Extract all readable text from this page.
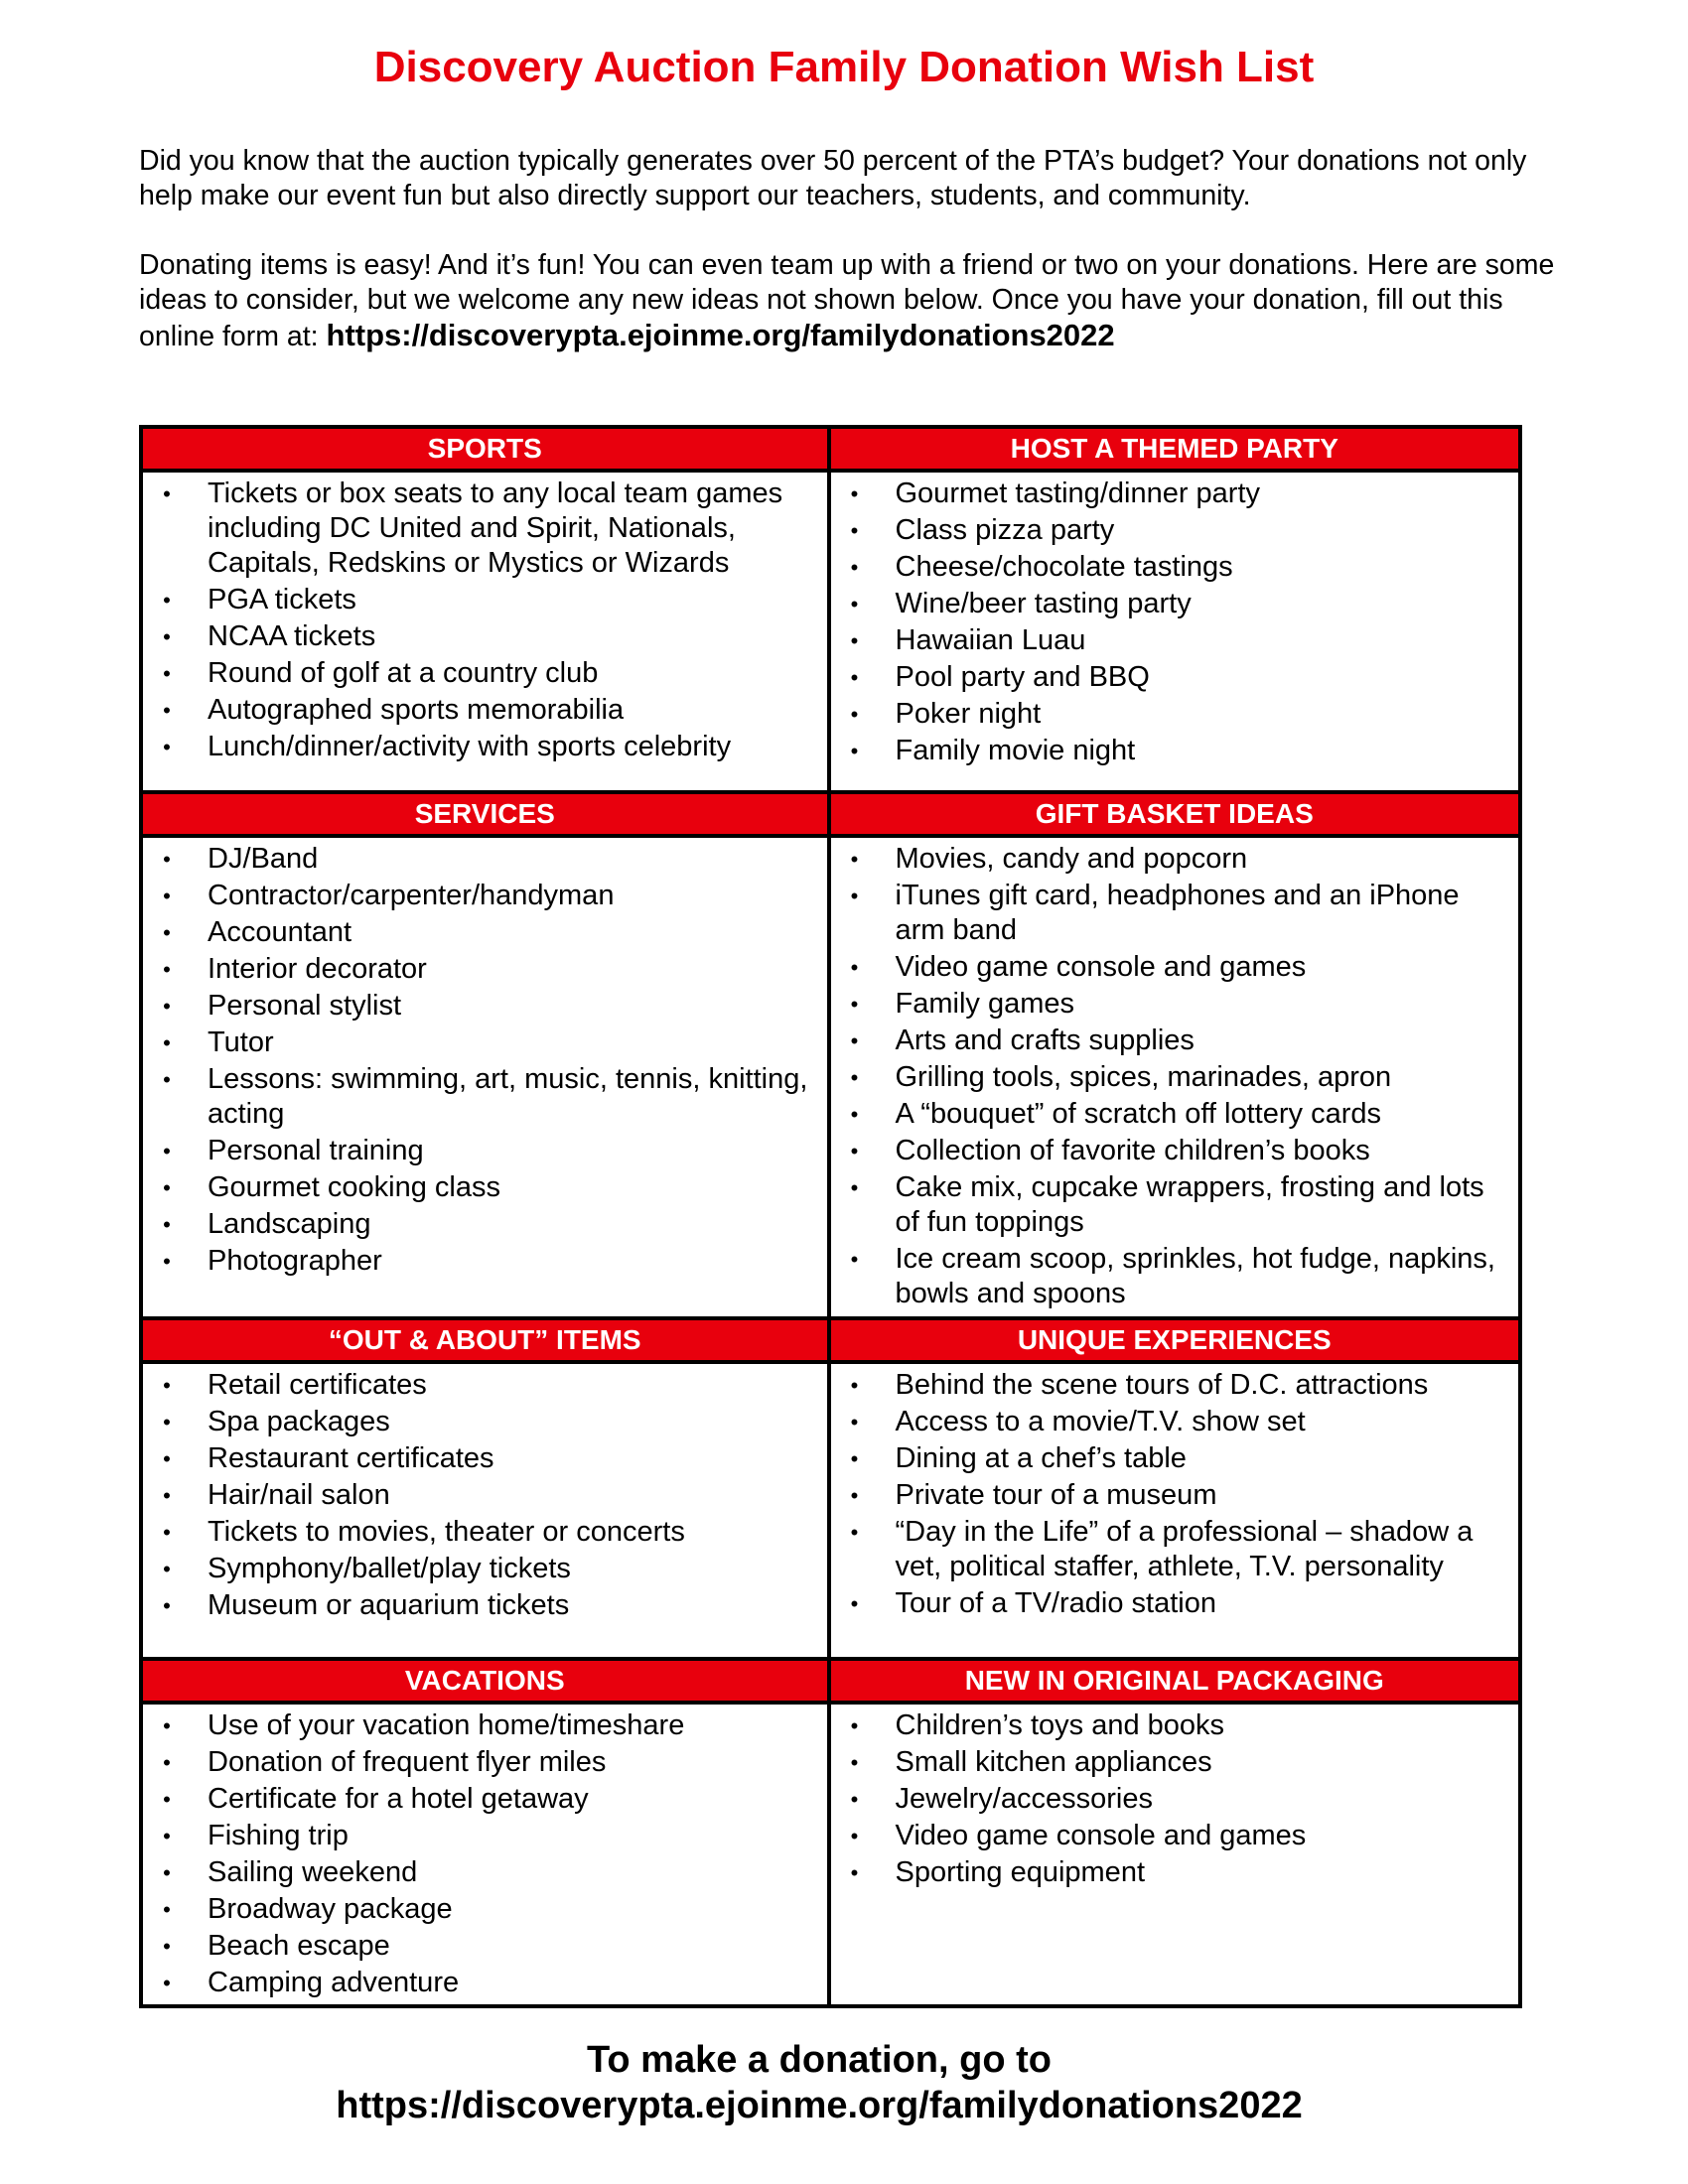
Discovery Auction Family Donation Wish List

Did you know that the auction typically generates over 50 percent of the PTA’s budget? Your donations not only help make our event fun but also directly support our teachers, students, and community.

Donating items is easy! And it’s fun! You can even team up with a friend or two on your donations. Here are some ideas to consider, but we welcome any new ideas not shown below. Once you have your donation, fill out this online form at: https://discoverypta.ejoinme.org/familydonations2022

SPORTS
• Tickets or box seats to any local team games including DC United and Spirit, Nationals, Capitals, Redskins or Mystics or Wizards
• PGA tickets
• NCAA tickets
• Round of golf at a country club
• Autographed sports memorabilia
• Lunch/dinner/activity with sports celebrity
HOST A THEMED PARTY
• Gourmet tasting/dinner party
• Class pizza party
• Cheese/chocolate tastings
• Wine/beer tasting party
• Hawaiian Luau
• Pool party and BBQ
• Poker night
• Family movie night
SERVICES
• DJ/Band
• Contractor/carpenter/handyman
• Accountant
• Interior decorator
• Personal stylist
• Tutor
• Lessons: swimming, art, music, tennis, knitting, acting
• Personal training
• Gourmet cooking class
• Landscaping
• Photographer
GIFT BASKET IDEAS
• Movies, candy and popcorn
• iTunes gift card, headphones and an iPhone arm band
• Video game console and games
• Family games
• Arts and crafts supplies
• Grilling tools, spices, marinades, apron
• A “bouquet” of scratch off lottery cards
• Collection of favorite children’s books
• Cake mix, cupcake wrappers, frosting and lots of fun toppings
• Ice cream scoop, sprinkles, hot fudge, napkins, bowls and spoons
“OUT & ABOUT” ITEMS
• Retail certificates
• Spa packages
• Restaurant certificates
• Hair/nail salon
• Tickets to movies, theater or concerts
• Symphony/ballet/play tickets
• Museum or aquarium tickets
UNIQUE EXPERIENCES
• Behind the scene tours of D.C. attractions
• Access to a movie/T.V. show set
• Dining at a chef’s table
• Private tour of a museum
• “Day in the Life” of a professional – shadow a vet, political staffer, athlete, T.V. personality
• Tour of a TV/radio station
VACATIONS
• Use of your vacation home/timeshare
• Donation of frequent flyer miles
• Certificate for a hotel getaway
• Fishing trip
• Sailing weekend
• Broadway package
• Beach escape
• Camping adventure
NEW IN ORIGINAL PACKAGING
• Children’s toys and books
• Small kitchen appliances
• Jewelry/accessories
• Video game console and games
• Sporting equipment
To make a donation, go to
https://discoverypta.ejoinme.org/familydonations2022
